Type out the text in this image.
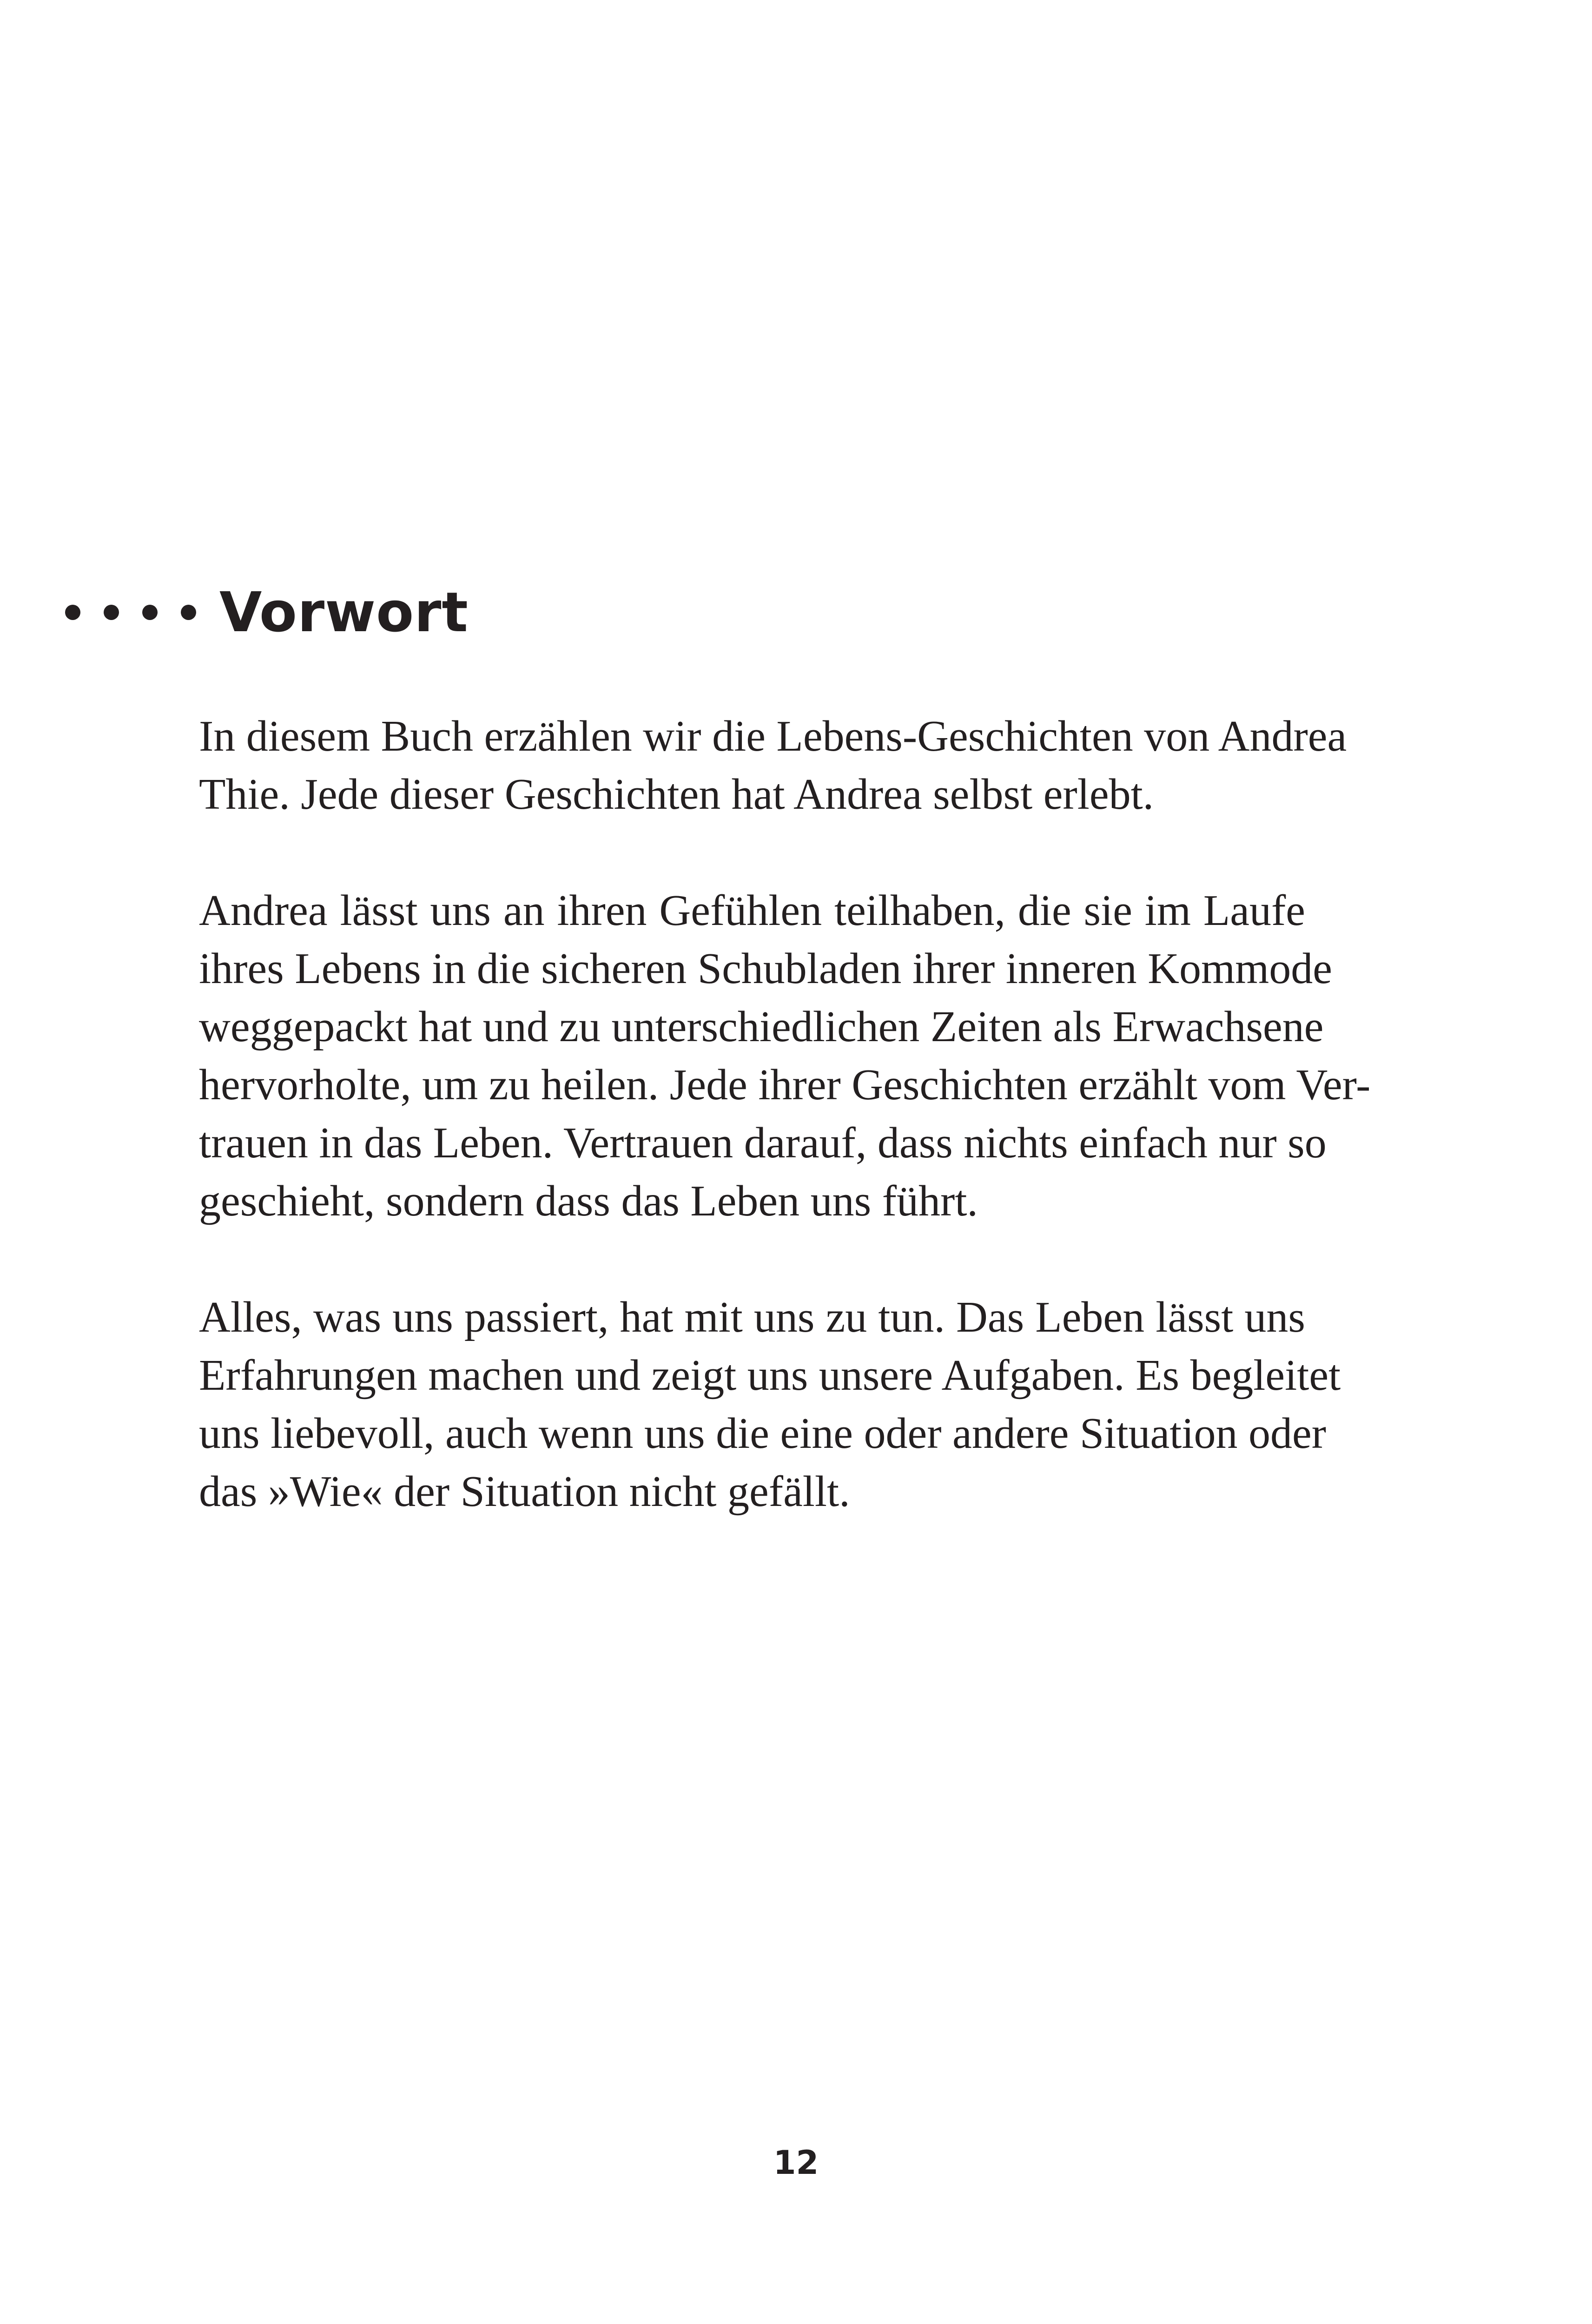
Vorwort

In diesem Buch erzählen wir die Lebens-Geschichten von Andrea
Thie. Jede dieser Geschichten hat Andrea selbst erlebt.

Andrea lässt uns an ihren Gefühlen teilhaben, die sie im Laufe
ihres Lebens in die sicheren Schubladen ihrer inneren Kommode
weggepackt hat und zu unterschiedlichen Zeiten als Erwachsene
hervorholte, um zu heilen. Jede ihrer Geschichten erzählt vom Ver-
trauen in das Leben. Vertrauen darauf, dass nichts einfach nur so
geschieht, sondern dass das Leben uns führt.

Alles, was uns passiert, hat mit uns zu tun. Das Leben lässt uns
Erfahrungen machen und zeigt uns unsere Aufgaben. Es begleitet
uns liebevoll, auch wenn uns die eine oder andere Situation oder
das »Wie« der Situation nicht gefällt.

12
